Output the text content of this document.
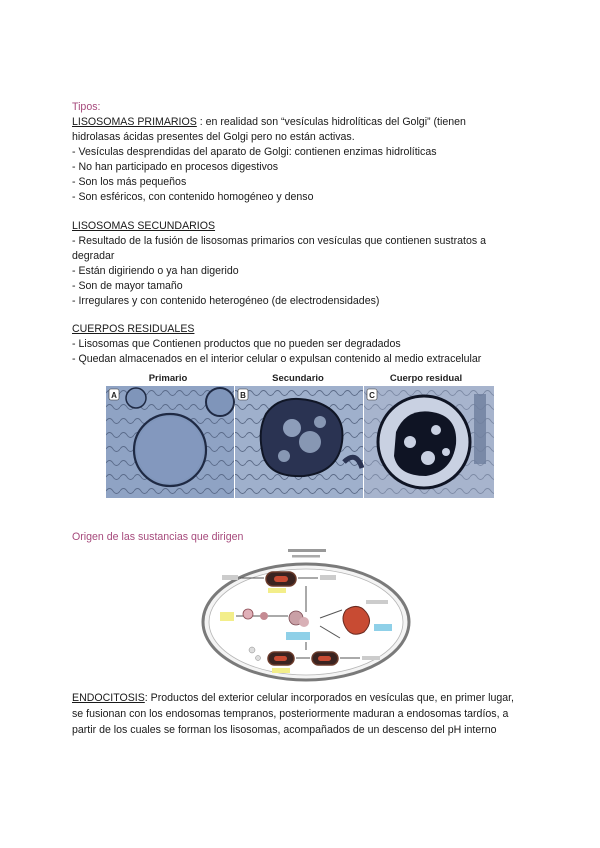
Tipos:
LISOSOMAS PRIMARIOS : en realidad son “vesículas hidrolíticas del Golgi” (tienen
hidrolasas ácidas presentes del Golgi pero no están activas.
- Vesículas desprendidas del aparato de Golgi: contienen enzimas hidrolíticas
- No han participado en procesos digestivos
- Son los más pequeños
- Son esféricos, con contenido homogéneo y denso
LISOSOMAS SECUNDARIOS
- Resultado de la fusión de lisosomas primarios con vesículas que contienen sustratos a
degradar
- Están digiriendo o ya han digerido
- Son de mayor tamaño
- Irregulares y con contenido heterogéneo (de electrodensidades)
CUERPOS RESIDUALES
- Lisosomas que Contienen productos que no pueden ser degradados
- Quedan almacenados en el interior celular o expulsan contenido al medio extracelular
Origen de las sustancias que dirigen
ENDOCITOSIS: Productos del exterior celular incorporados en vesículas que, en primer lugar, se fusionan con los endosomas tempranos, posteriormente maduran a endosomas tardíos, a partir de los cuales se forman los lisosomas, acompañados de un descenso del pH interno
Primario	Secundario	Cuerpo residual
A	B	C
